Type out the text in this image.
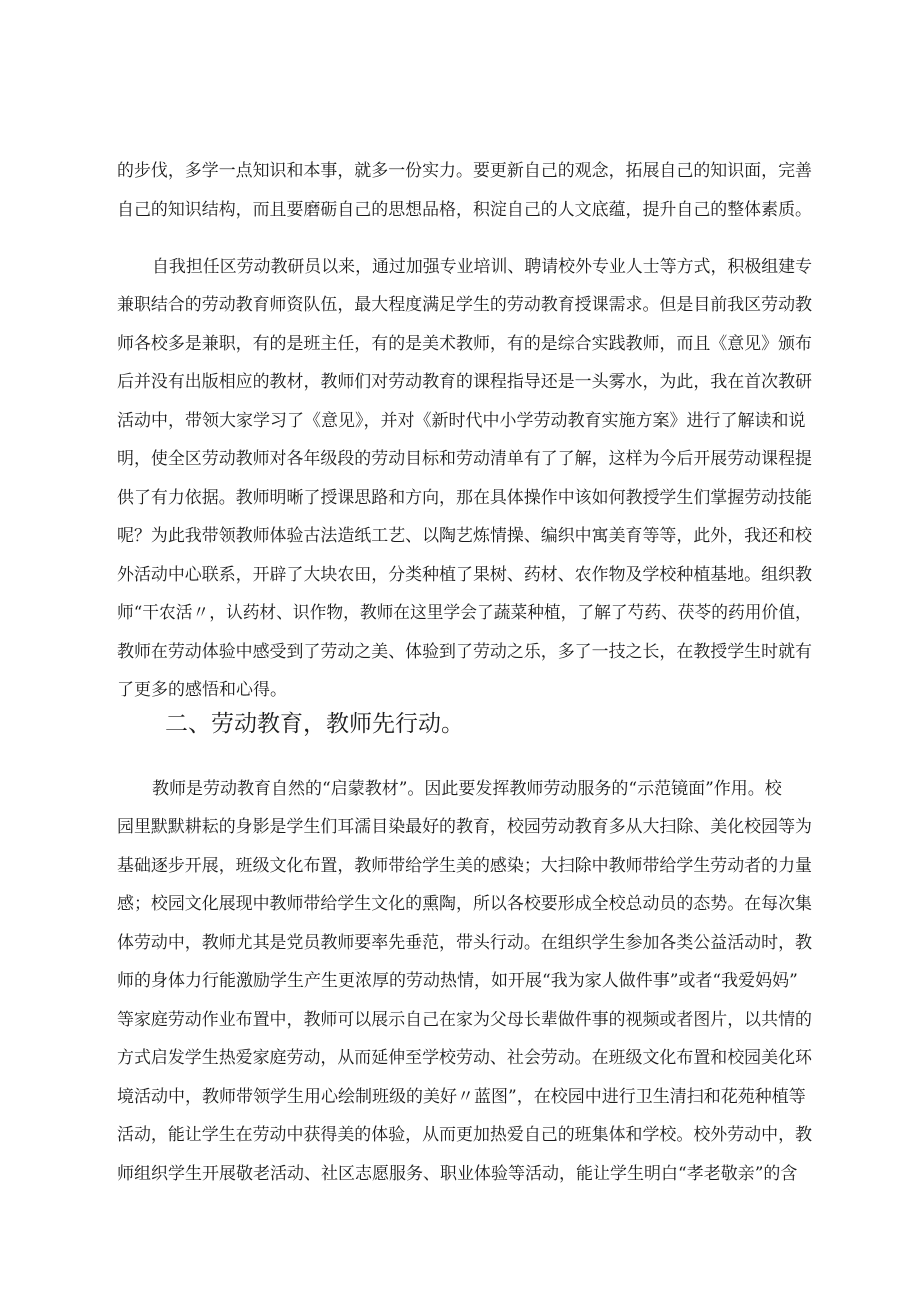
的步伐，多学一点知识和本事，就多一份实力。要更新自己的观念，拓展自己的知识面，完善
自己的知识结构，而且要磨砺自己的思想品格，积淀自己的人文底蕴，提升自己的整体素质。
自我担任区劳动教研员以来，通过加强专业培训、聘请校外专业人士等方式，积极组建专
兼职结合的劳动教育师资队伍，最大程度满足学生的劳动教育授课需求。但是目前我区劳动教
师各校多是兼职，有的是班主任，有的是美术教师，有的是综合实践教师，而且《意见》颁布
后并没有出版相应的教材，教师们对劳动教育的课程指导还是一头雾水，为此，我在首次教研
活动中，带领大家学习了《意见》，并对《新时代中小学劳动教育实施方案》进行了解读和说
明，使全区劳动教师对各年级段的劳动目标和劳动清单有了了解，这样为今后开展劳动课程提
供了有力依据。教师明晰了授课思路和方向，那在具体操作中该如何教授学生们掌握劳动技能
呢？为此我带领教师体验古法造纸工艺、以陶艺炼情操、编织中寓美育等等，此外，我还和校
外活动中心联系，开辟了大块农田，分类种植了果树、药材、农作物及学校种植基地。组织教
师“干农活〃，认药材、识作物，教师在这里学会了蔬菜种植，了解了芍药、茯苓的药用价值，
教师在劳动体验中感受到了劳动之美、体验到了劳动之乐，多了一技之长，在教授学生时就有
了更多的感悟和心得。
二、劳动教育，教师先行动。
教师是劳动教育自然的“启蒙教材”。因此要发挥教师劳动服务的“示范镜面”作用。校
园里默默耕耘的身影是学生们耳濡目染最好的教育，校园劳动教育多从大扫除、美化校园等为
基础逐步开展，班级文化布置，教师带给学生美的感染；大扫除中教师带给学生劳动者的力量
感；校园文化展现中教师带给学生文化的熏陶，所以各校要形成全校总动员的态势。在每次集
体劳动中，教师尤其是党员教师要率先垂范，带头行动。在组织学生参加各类公益活动时，教
师的身体力行能激励学生产生更浓厚的劳动热情，如开展“我为家人做件事”或者“我爱妈妈”
等家庭劳动作业布置中，教师可以展示自己在家为父母长辈做件事的视频或者图片，以共情的
方式启发学生热爱家庭劳动，从而延伸至学校劳动、社会劳动。在班级文化布置和校园美化环
境活动中，教师带领学生用心绘制班级的美好〃蓝图”，在校园中进行卫生清扫和花苑种植等
活动，能让学生在劳动中获得美的体验，从而更加热爱自己的班集体和学校。校外劳动中，教
师组织学生开展敬老活动、社区志愿服务、职业体验等活动，能让学生明白“孝老敬亲”的含
